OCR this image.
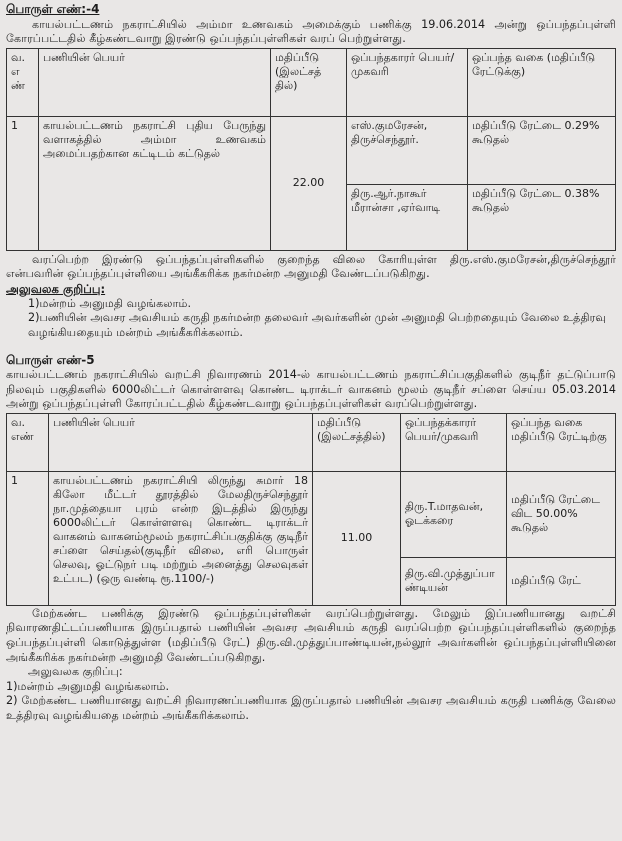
பொருள் எண்:-4

காயல்பட்டணம் நகராட்சியில் அம்மா உணவகம் அமைக்கும் பணிக்கு 19.06.2014 அன்று ஒப்பந்தப்புள்ளி கோரப்பட்டதில் கீழ்கண்டவாறு இரண்டு ஒப்பந்தப்புள்ளிகள் வரப் பெற்றுள்ளது.

வ. எ ண்	பணியின் பெயர்	மதிப்பீடு (இலட்சத் தில்)	ஒப்பந்தகாரர் பெயர்/முகவரி	ஒப்பந்த வகை (மதிப்பீடு ரேட்டுக்கு)
1	காயல்பட்டணம் நகராட்சி புதிய பேருந்து வளாகத்தில் அம்மா உணவகம் அமைப்பதற்கான கட்டிடம் கட்டுதல்	22.00	எஸ்.குமரேசன், திருச்செந்தூர்.	மதிப்பீடு ரேட்டை 0.29% கூடுதல்
			திரு.ஆர்.நாகூர் மீரான்சா ,ஏர்வாடி	மதிப்பீடு ரேட்டை 0.38% கூடுதல்

வரப்பெற்ற இரண்டு ஒப்பந்தப்புள்ளிகளில் குறைந்த விலை கோரியுள்ள திரு.எஸ்.குமரேசன்,திருச்செந்தூர் என்பவரின் ஒப்பந்தப்புள்ளியை அங்கீகரிக்க நகர்மன்ற அனுமதி வேண்டப்படுகிறது.

அலுவலக குறிப்பு:

1)மன்றம் அனுமதி வழங்கலாம்.

2)பணியின் அவசர அவசியம் கருதி நகர்மன்ற தலைவர் அவர்களின் முன் அனுமதி பெற்றதையும் வேலை உத்திரவு வழங்கியதையும் மன்றம் அங்கீகரிக்கலாம்.

பொருள் எண்-5

காயல்பட்டணம் நகராட்சியில் வறட்சி நிவாரணம் 2014-ல் காயல்பட்டணம் நகராட்சிப்பகுதிகளில் குடிநீர் தட்டுப்பாடு நிலவும் பகுதிகளில் 6000லிட்டர் கொள்ளளவு கொண்ட டிராக்டர் வாகனம் மூலம் குடிநீர் சப்ளை செய்ய 05.03.2014 அன்று ஒப்பந்தப்புள்ளி கோரப்பட்டதில் கீழ்கண்டவாறு ஒப்பந்தப்புள்ளிகள் வரப்பெற்றுள்ளது.

வ. எண்	பணியின் பெயர்	மதிப்பீடு (இலட்சத்தில்)	ஒப்பந்தக்காரர் பெயர்/முகவரி	ஒப்பந்த வகை மதிப்பீடு ரேட்டிற்கு
1	காயல்பட்டணம் நகராட்சியி லிருந்து சுமார் 18 கிலோ மீட்டர் தூரத்தில் மேலதிருச்செந்தூர் நா.முத்தையா புரம் என்ற இடத்தில் இருந்து 6000லிட்டர் கொள்ளளவு கொண்ட டிராக்டர் வாகனம் வாகனம்மூலம் நகராட்சிப்பகுதிக்கு குடிநீர் சப்ளை செய்தல்(குடிநீர் விலை, எரி பொருள் செலவு, ஓட்டுநர் படி மற்றும் அனைத்து செலவுகள் உட்பட) (ஒரு வண்டி ரூ.1100/-)	11.00	திரு.T.மாதவன், ஓடக்கரை	மதிப்பீடு ரேட்டை விட 50.00% கூடுதல்
			திரு.வி.முத்துப்பா ண்டியன்	மதிப்பீடு ரேட்

மேற்கண்ட பணிக்கு இரண்டு ஒப்பந்தப்புள்ளிகள் வரப்பெற்றுள்ளது. மேலும் இப்பணியானது வறட்சி நிவாரணதிட்டப்பணியாக இருப்பதால் பணியின் அவசர அவசியம் கருதி வரப்பெற்ற ஒப்பந்தப்புள்ளிகளில் குறைந்த ஒப்பந்தப்புள்ளி கொடுத்துள்ள (மதிப்பீடு ரேட்) திரு.வி.முத்துப்பாண்டியன்,நல்லூர் அவர்களின் ஒப்பந்தப்புள்ளியினை அங்கீகரிக்க நகர்மன்ற அனுமதி வேண்டப்படுகிறது.

அலுவலக குறிப்பு:

1)மன்றம் அனுமதி வழங்கலாம்.

2) மேற்கண்ட பணியானது வறட்சி நிவாரணப்பணியாக இருப்பதால் பணியின் அவசர அவசியம் கருதி பணிக்கு வேலை உத்திரவு வழங்கியதை மன்றம் அங்கீகரிக்கலாம்.
